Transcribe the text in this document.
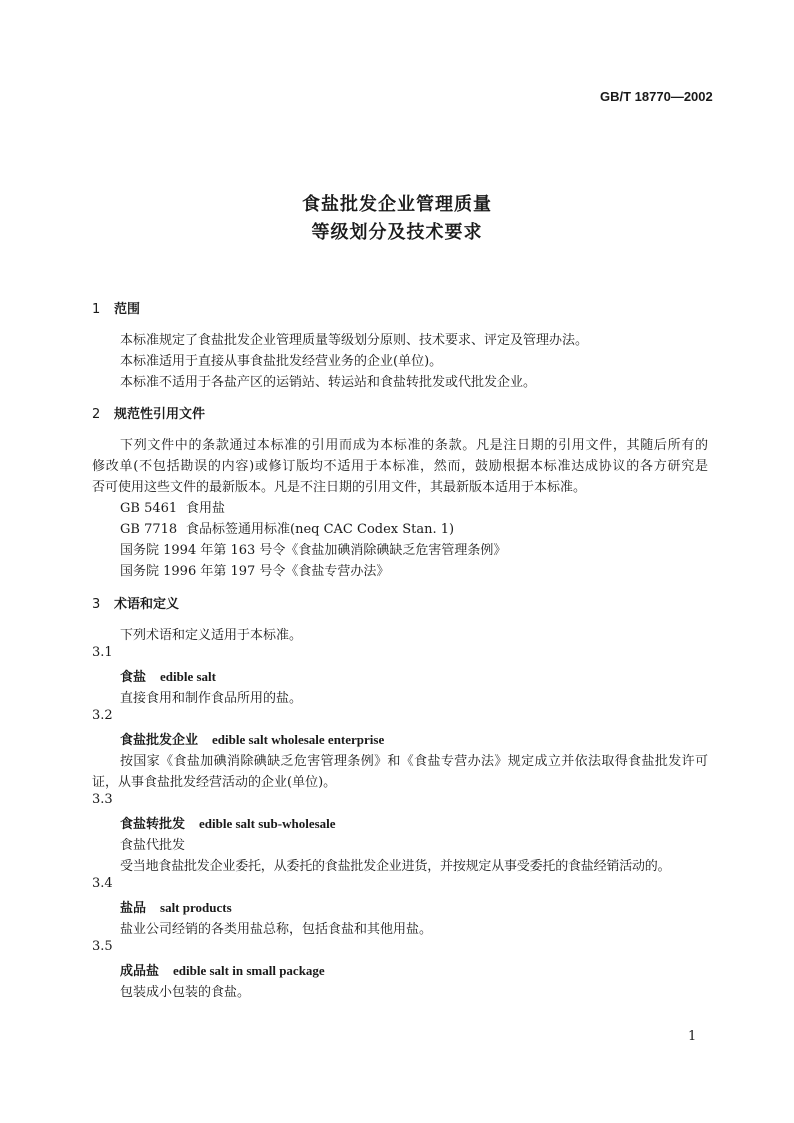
GB/T 18770—2002
食盐批发企业管理质量
等级划分及技术要求
1 范围
本标准规定了食盐批发企业管理质量等级划分原则、技术要求、评定及管理办法。
本标准适用于直接从事食盐批发经营业务的企业(单位)。
本标准不适用于各盐产区的运销站、转运站和食盐转批发或代批发企业。
2 规范性引用文件
下列文件中的条款通过本标准的引用而成为本标准的条款。凡是注日期的引用文件，其随后所有的
修改单(不包括勘误的内容)或修订版均不适用于本标准，然而，鼓励根据本标准达成协议的各方研究是
否可使用这些文件的最新版本。凡是不注日期的引用文件，其最新版本适用于本标准。
GB 5461 食用盐
GB 7718 食品标签通用标准(neq CAC Codex Stan. 1)
国务院 1994 年第 163 号令《食盐加碘消除碘缺乏危害管理条例》
国务院 1996 年第 197 号令《食盐专营办法》
3 术语和定义
下列术语和定义适用于本标准。
3.1
食盐 edible salt
直接食用和制作食品所用的盐。
3.2
食盐批发企业 edible salt wholesale enterprise
按国家《食盐加碘消除碘缺乏危害管理条例》和《食盐专营办法》规定成立并依法取得食盐批发许可
证，从事食盐批发经营活动的企业(单位)。
3.3
食盐转批发 edible salt sub-wholesale
食盐代批发
受当地食盐批发企业委托，从委托的食盐批发企业进货，并按规定从事受委托的食盐经销活动的。
3.4
盐品 salt products
盐业公司经销的各类用盐总称，包括食盐和其他用盐。
3.5
成品盐 edible salt in small package
包装成小包装的食盐。
1
